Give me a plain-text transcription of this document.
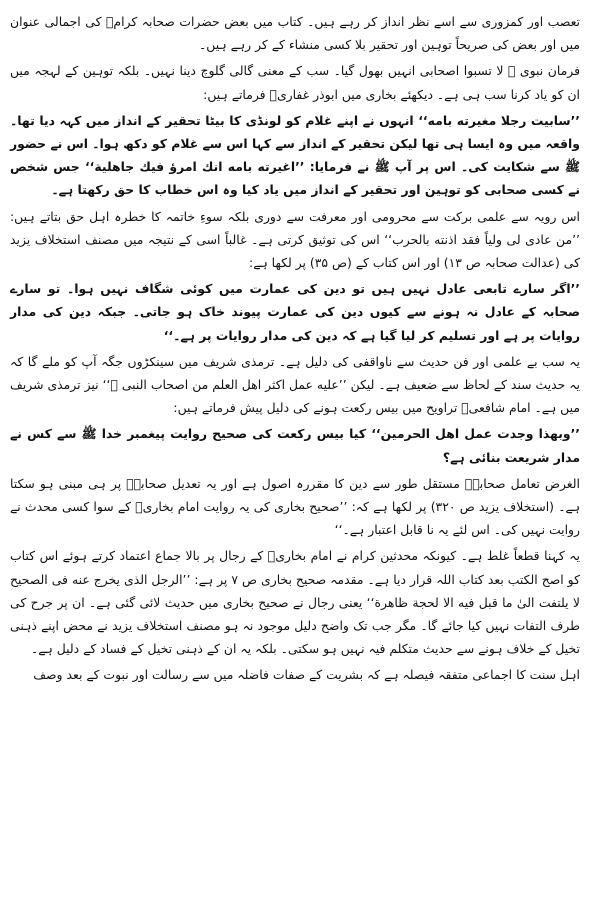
تعصب اور کمزوری سے اسے نظر انداز کر رہے ہیں۔ کتاب میں بعض حضرات صحابہ کرامؓ کی اجمالی عنوان میں اور بعض کی صریحاً توہین اور تحقیر بلا کسی منشاء کے کر رہے ہیں۔

فرمان نبوی ﷺ لا تسبوا اصحابی انہیں بھول گیا۔ سب کے معنی گالی گلوچ دینا نہیں۔ بلکہ توہین کے لہجہ میں ان کو یاد کرنا سب ہی ہے۔ دیکھئے بخاری میں ابوذر غفاریؓ فرماتے ہیں:

’’سابیت رجلا مغیرته بامه‘‘ انہوں نے اپنے غلام کو لونڈی کا بیٹا تحقیر کے انداز میں کہہ دیا تھا۔ واقعہ میں وہ ایسا ہی تھا لیکن تحقیر کے انداز سے کہا اس سے غلام کو دکھ ہوا۔ اس نے حضور ﷺ سے شکایت کی۔ اس پر آپ ﷺ نے فرمایا: ’’اغیرته بامه انك امرؤ فيك جاهلية‘‘ جس شخص نے کسی صحابی کو توہین اور تحقیر کے انداز میں یاد کیا وہ اس خطاب کا حق رکھتا ہے۔

اس رویہ سے علمی برکت سے محرومی اور معرفت سے دوری بلکہ سوءِ خاتمہ کا خطرہ اہل حق بتاتے ہیں: ’’من عادی لی ولیاً فقد اذنته بالحرب‘‘ اس کی توثیق کرتی ہے۔ غالباً اسی کے نتیجہ میں مصنف استخلاف یزید کی (عدالت صحابہ ص ۱۳) اور اس کتاب کے (ص ۳۵) پر لکھا ہے:

’’اگر سارے تابعی عادل نہیں ہیں تو دین کی عمارت میں کوئی شگاف نہیں ہوا۔ تو سارے صحابہ کے عادل نہ ہونے سے کیوں دین کی عمارت پیوند خاک ہو جاتی۔ جبکہ دین کی مدار روایات پر ہے اور تسلیم کر لیا گیا ہے کہ دین کی مدار روایات پر ہے۔‘‘

یہ سب بے علمی اور فن حدیث سے ناواقفی کی دلیل ہے۔ ترمذی شریف میں سینکڑوں جگہ آپ کو ملے گا کہ یہ حدیث سند کے لحاظ سے ضعیف ہے۔ لیکن ’’علیه عمل اکثر اهل العلم من اصحاب النبی ﷺ‘‘ نیز ترمذی شریف میں ہے۔ امام شافعیؒ تراویح میں بیس رکعت ہونے کی دلیل پیش فرماتے ہیں:

’’وبهذا وجدت عمل اهل الحرمين‘‘ کیا بیس رکعت کی صحیح روایت پیغمبر خدا ﷺ سے کس نے مدار شریعت بنائی ہے؟

الغرض تعامل صحابہؓ مستقل طور سے دین کا مقررہ اصول ہے اور یہ تعدیل صحابہؓ پر ہی مبنی ہو سکتا ہے۔ (استخلاف یزید ص ۳۲۰) پر لکھا ہے کہ: ’’صحیح بخاری کی یہ روایت امام بخاریؒ کے سوا کسی محدث نے روایت نہیں کی۔ اس لئے یہ نا قابل اعتبار ہے۔‘‘

یہ کہنا قطعاً غلط ہے۔ کیونکہ محدثین کرام نے امام بخاریؒ کے رجال پر بالا جماع اعتماد کرتے ہوئے اس کتاب کو اصح الکتب بعد کتاب اللہ قرار دیا ہے۔ مقدمہ صحیح بخاری ص ۷ پر ہے: ’’الرجل الذی یخرج عنه فی الصحیح لا یلتفت الیٰ ما قبل فیه الا لحجة ظاهرة‘‘ یعنی رجال نے صحیح بخاری میں حدیث لائی گئی ہے۔ ان پر جرح کی طرف التفات نہیں کیا جائے گا۔ مگر جب تک واضح دلیل موجود نہ ہو مصنف استخلاف یزید نے محض اپنے ذہنی تخیل کے خلاف ہونے سے حدیث متکلم فیہ نہیں ہو سکتی۔ بلکہ یہ ان کے ذہنی تخیل کے فساد کے دلیل ہے۔

اہل سنت کا اجماعی متفقہ فیصلہ ہے کہ بشریت کے صفات فاضلہ میں سے رسالت اور نبوت کے بعد وصف
